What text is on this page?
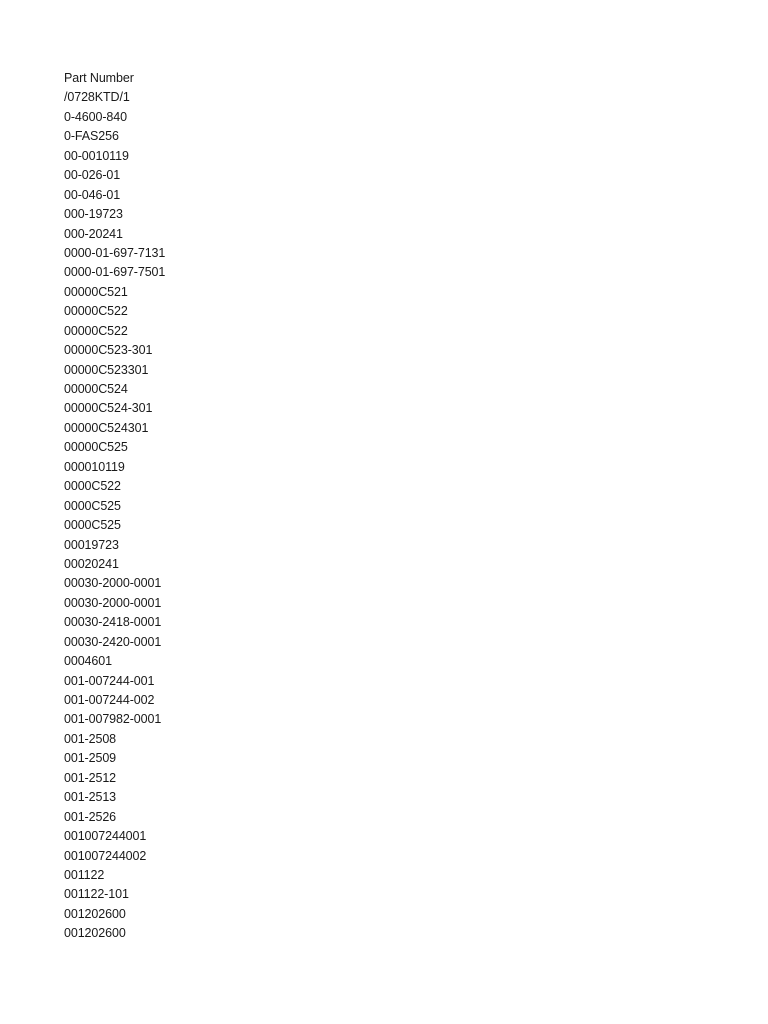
Part Number
/0728KTD/1
0-4600-840
0-FAS256
00-0010119
00-026-01
00-046-01
000-19723
000-20241
0000-01-697-7131
0000-01-697-7501
00000C521
00000C522
00000C522
00000C523-301
00000C523301
00000C524
00000C524-301
00000C524301
00000C525
000010119
0000C522
0000C525
0000C525
00019723
00020241
00030-2000-0001
00030-2000-0001
00030-2418-0001
00030-2420-0001
0004601
001-007244-001
001-007244-002
001-007982-0001
001-2508
001-2509
001-2512
001-2513
001-2526
001007244001
001007244002
001122
001122-101
001202600
001202600
